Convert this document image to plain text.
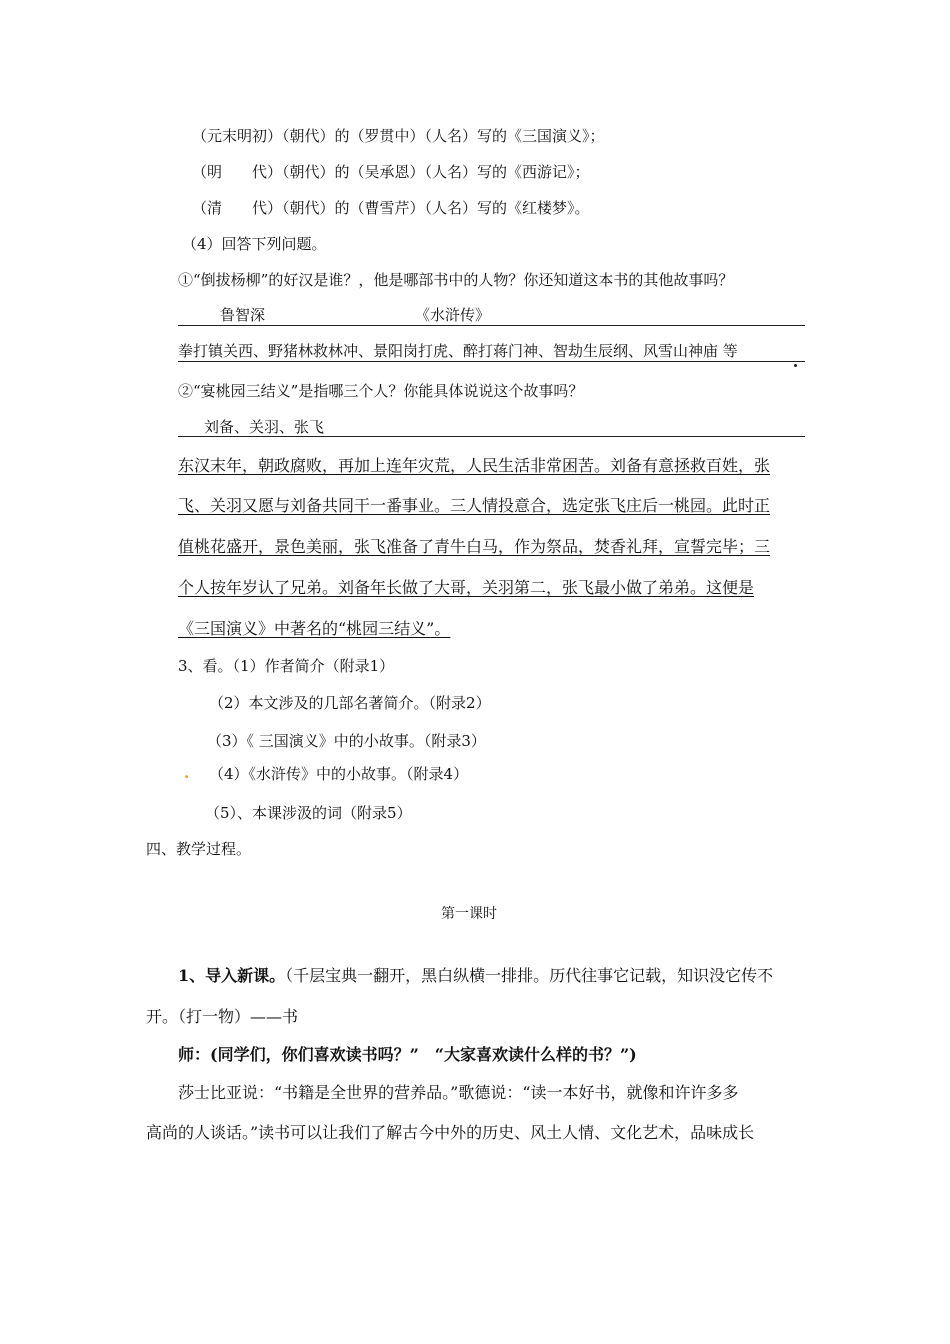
（元末明初）（朝代）的（罗贯中）（人名）写的《三国演义》；
（明　　代）（朝代）的（吴承恩）（人名）写的《西游记》；
（清　　代）（朝代）的（曹雪芹）（人名）写的《红楼梦》。
（4）回答下列问题。
①“倒拔杨柳”的好汉是谁？，他是哪部书中的人物？你还知道这本书的其他故事吗？
鲁智深	《水浒传》
拳打镇关西、野猪林救林冲、景阳岗打虎、醉打蒋门神、智劫生辰纲、风雪山神庙 等
②“宴桃园三结义”是指哪三个人？你能具体说说这个故事吗？
刘备、关羽、张飞
东汉末年，朝政腐败，再加上连年灾荒，人民生活非常困苦。刘备有意拯救百姓，张
飞、关羽又愿与刘备共同干一番事业。三人情投意合，选定张飞庄后一桃园。此时正
值桃花盛开，景色美丽，张飞准备了青牛白马，作为祭品，焚香礼拜，宣誓完毕；三
个人按年岁认了兄弟。刘备年长做了大哥，关羽第二，张飞最小做了弟弟。这便是
《三国演义》中著名的“桃园三结义”。
3、看。（1）作者简介（附录1）
（2）本文涉及的几部名著简介。（附录2）
（3）《 三国演义》中的小故事。（附录3）
. （4）《水浒传》中的小故事。（附录4）
（5）、本课涉汲的词（附录5）
四、教学过程。
第一课时
1、导入新课。（千层宝典一翻开，黑白纵横一排排。历代往事它记载，知识没它传不
开。（打一物）——书
师：(同学们，你们喜欢读书吗？”　“大家喜欢读什么样的书？”)
莎士比亚说：“书籍是全世界的营养品。”歌德说：“读一本好书，就像和许许多多
高尚的人谈话。”读书可以让我们了解古今中外的历史、风土人情、文化艺术，品味成长
